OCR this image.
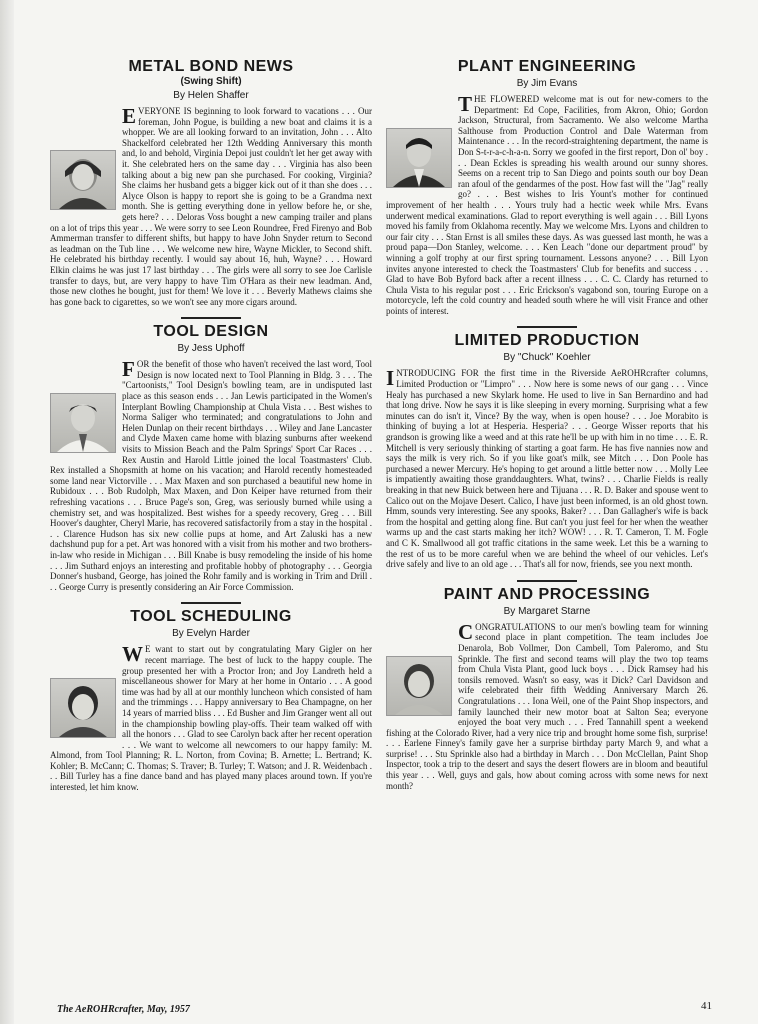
METAL BOND NEWS
(Swing Shift)
By Helen Shaffer

EVERYONE IS beginning to look forward to vacations . . . Our foreman, John Pogue, is building a new boat and claims it is a whopper. We are all looking forward to an invitation, John . . . Alto Shackelford celebrated her 12th Wedding Anniversary this month and, lo and behold, Virginia Depoi just couldn't let her get away with it. She celebrated hers on the same day . . . Virginia has also been talking about a big new pan she purchased. For cooking, Virginia? She claims her husband gets a bigger kick out of it than she does . . . Alyce Olson is happy to report she is going to be a Grandma next month. She is getting everything done in yellow before he, or she, gets here? . . . Deloras Voss bought a new camping trailer and plans on a lot of trips this year . . . We were sorry to see Leon Roundree, Fred Firenyo and Bob Ammerman transfer to different shifts, but happy to have John Snyder return to Second as leadman on the Tub line . . . We welcome new hire, Wayne Mickler, to Second shift. He celebrated his birthday recently. I would say about 16, huh, Wayne? . . . Howard Elkin claims he was just 17 last birthday . . . The girls were all sorry to see Joe Carlisle transfer to days, but, are very happy to have Tim O'Hara as their new leadman. And, those new clothes he bought, just for them! We love it . . . Beverly Mathews claims she has gone back to cigarettes, so we won't see any more cigars around.

TOOL DESIGN
By Jess Uphoff

FOR the benefit of those who haven't received the last word, Tool Design is now located next to Tool Planning in Bldg. 3 . . . The "Cartoonists," Tool Design's bowling team, are in undisputed last place as this season ends . . . Jan Lewis participated in the Women's Interplant Bowling Championship at Chula Vista . . . Best wishes to Norma Saliger who terminated; and congratulations to John and Helen Dunlap on their recent birthdays . . . Wiley and Jane Lancaster and Clyde Maxen came home with blazing sunburns after weekend visits to Mission Beach and the Palm Springs' Sport Car Races . . . Rex Austin and Harold Little joined the local Toastmasters' Club. Rex installed a Shopsmith at home on his vacation; and Harold recently homesteaded some land near Victorville . . . Max Maxen and son purchased a beautiful new home in Rubidoux . . . Bob Rudolph, Max Maxen, and Don Keiper have returned from their refreshing vacations . . . Bruce Page's son, Greg, was seriously burned while using a chemistry set, and was hospitalized. Best wishes for a speedy recovery, Greg . . . Bill Hoover's daughter, Cheryl Marie, has recovered satisfactorily from a stay in the hospital . . . Clarence Hudson has six new collie pups at home, and Art Zaluski has a new dachshund pup for a pet. Art was honored with a visit from his mother and two brothers-in-law who reside in Michigan . . . Bill Knabe is busy remodeling the inside of his home . . . Jim Suthard enjoys an interesting and profitable hobby of photography . . . Georgia Donner's husband, George, has joined the Rohr family and is working in Trim and Drill . . . George Curry is presently considering an Air Force Commission.

TOOL SCHEDULING
By Evelyn Harder

W E want to start out by congratulating Mary Gigler on her recent marriage. The best of luck to the happy couple. The group presented her with a Proctor Iron; and Joy Landreth held a miscellaneous shower for Mary at her home in Ontario . . . A good time was had by all at our monthly luncheon which consisted of ham and the trimmings . . . Happy anniversary to Bea Champagne, on her 14 years of married bliss . . . Ed Busher and Jim Granger went all out in the championship bowling play-offs. Their team walked off with all the honors . . . Glad to see Carolyn back after her recent operation . . . We want to welcome all newcomers to our happy family: M. Almond, from Tool Planning; R. L. Norton, from Covina; B. Arnette; L. Bertrand; K. Kohler; B. McCann; C. Thomas; S. Traver; B. Turley; T. Watson; and J. R. Weidenbach . . . Bill Turley has a fine dance band and has played many places around town. If you're interested, let him know.

PLANT ENGINEERING
By Jim Evans

THE FLOWERED welcome mat is out for new-comers to the Department: Ed Cope, Facilities, from Akron, Ohio; Gordon Jackson, Structural, from Sacramento. We also welcome Martha Salthouse from Production Control and Dale Waterman from Maintenance . . . In the record-straightening department, the name is Don S-t-r-a-c-h-a-n. Sorry we goofed in the first report, Don ol' boy . . . Dean Eckles is spreading his wealth around our sunny shores. Seems on a recent trip to San Diego and points south our boy Dean ran afoul of the gendarmes of the post. How fast will the "Jag" really go? . . . Best wishes to Iris Yount's mother for continued improvement of her health . . . Yours truly had a hectic week while Mrs. Evans underwent medical examinations. Glad to report everything is well again . . . Bill Lyons moved his family from Oklahoma recently. May we welcome Mrs. Lyons and children to our fair city . . . Stan Ernst is all smiles these days. As was guessed last month, he was a proud papa—Don Stanley, welcome. . . . Ken Leach "done our department proud" by winning a golf trophy at our first spring tournament. Lessons anyone? . . . Bill Lyon invites anyone interested to check the Toastmasters' Club for benefits and success . . . Glad to have Bob Byford back after a recent illness . . . C. C. Clardy has returned to Chula Vista to his regular post . . . Eric Erickson's vagabond son, touring Europe on a motorcycle, left the cold country and headed south where he will visit France and other points of interest.

LIMITED PRODUCTION
By "Chuck" Koehler

INTRODUCING FOR the first time in the Riverside AeROHRcrafter columns, Limited Production or "Limpro" . . . Now here is some news of our gang . . . Vince Healy has purchased a new Skylark home. He used to live in San Bernardino and had that long drive. Now he says it is like sleeping in every morning. Surprising what a few minutes can do isn't it, Vince? By the way, when is open house? . . . Joe Morabito is thinking of buying a lot at Hesperia. Hesperia? . . . George Wisser reports that his grandson is growing like a weed and at this rate he'll be up with him in no time . . . E. R. Mitchell is very seriously thinking of starting a goat farm. He has five nannies now and says the milk is very rich. So if you like goat's milk, see Mitch . . . Don Poole has purchased a newer Mercury. He's hoping to get around a little better now . . . Molly Lee is impatiently awaiting those granddaughters. What, twins? . . . Charlie Fields is really breaking in that new Buick between here and Tijuana . . . R. D. Baker and spouse went to Calico out on the Mojave Desert. Calico, I have just been informed, is an old ghost town. Hmm, sounds very interesting. See any spooks, Baker? . . . Dan Gallagher's wife is back from the hospital and getting along fine. But can't you just feel for her when the weather warms up and the cast starts making her itch? WOW! . . . R. T. Cameron, T. M. Fogle and C K. Smallwood all got traffic citations in the same week. Let this be a warning to the rest of us to be more careful when we are behind the wheel of our vehicles. Let's drive safely and live to an old age . . . That's all for now, friends, see you next month.

PAINT AND PROCESSING
By Margaret Starne

CONGRATULATIONS to our men's bowling team for winning second place in plant competition. The team includes Joe Denarola, Bob Vollmer, Don Cambell, Tom Paleromo, and Stu Sprinkle. The first and second teams will play the two top teams from Chula Vista Plant, good luck boys . . . Dick Ramsey had his tonsils removed. Wasn't so easy, was it Dick? Carl Davidson and wife celebrated their fifth Wedding Anniversary March 26. Congratulations . . . Iona Weil, one of the Paint Shop inspectors, and family launched their new motor boat at Salton Sea; everyone enjoyed the boat very much . . . Fred Tannahill spent a weekend fishing at the Colorado River, had a very nice trip and brought home some fish, surprise! . . . Earlene Finney's family gave her a surprise birthday party March 9, and what a surprise! . . . Stu Sprinkle also had a birthday in March . . . Don McClellan, Paint Shop Inspector, took a trip to the desert and says the desert flowers are in bloom and beautiful this year . . . Well, guys and gals, how about coming across with some news for next month?

The AeROHRcrafter, May, 1957	41
